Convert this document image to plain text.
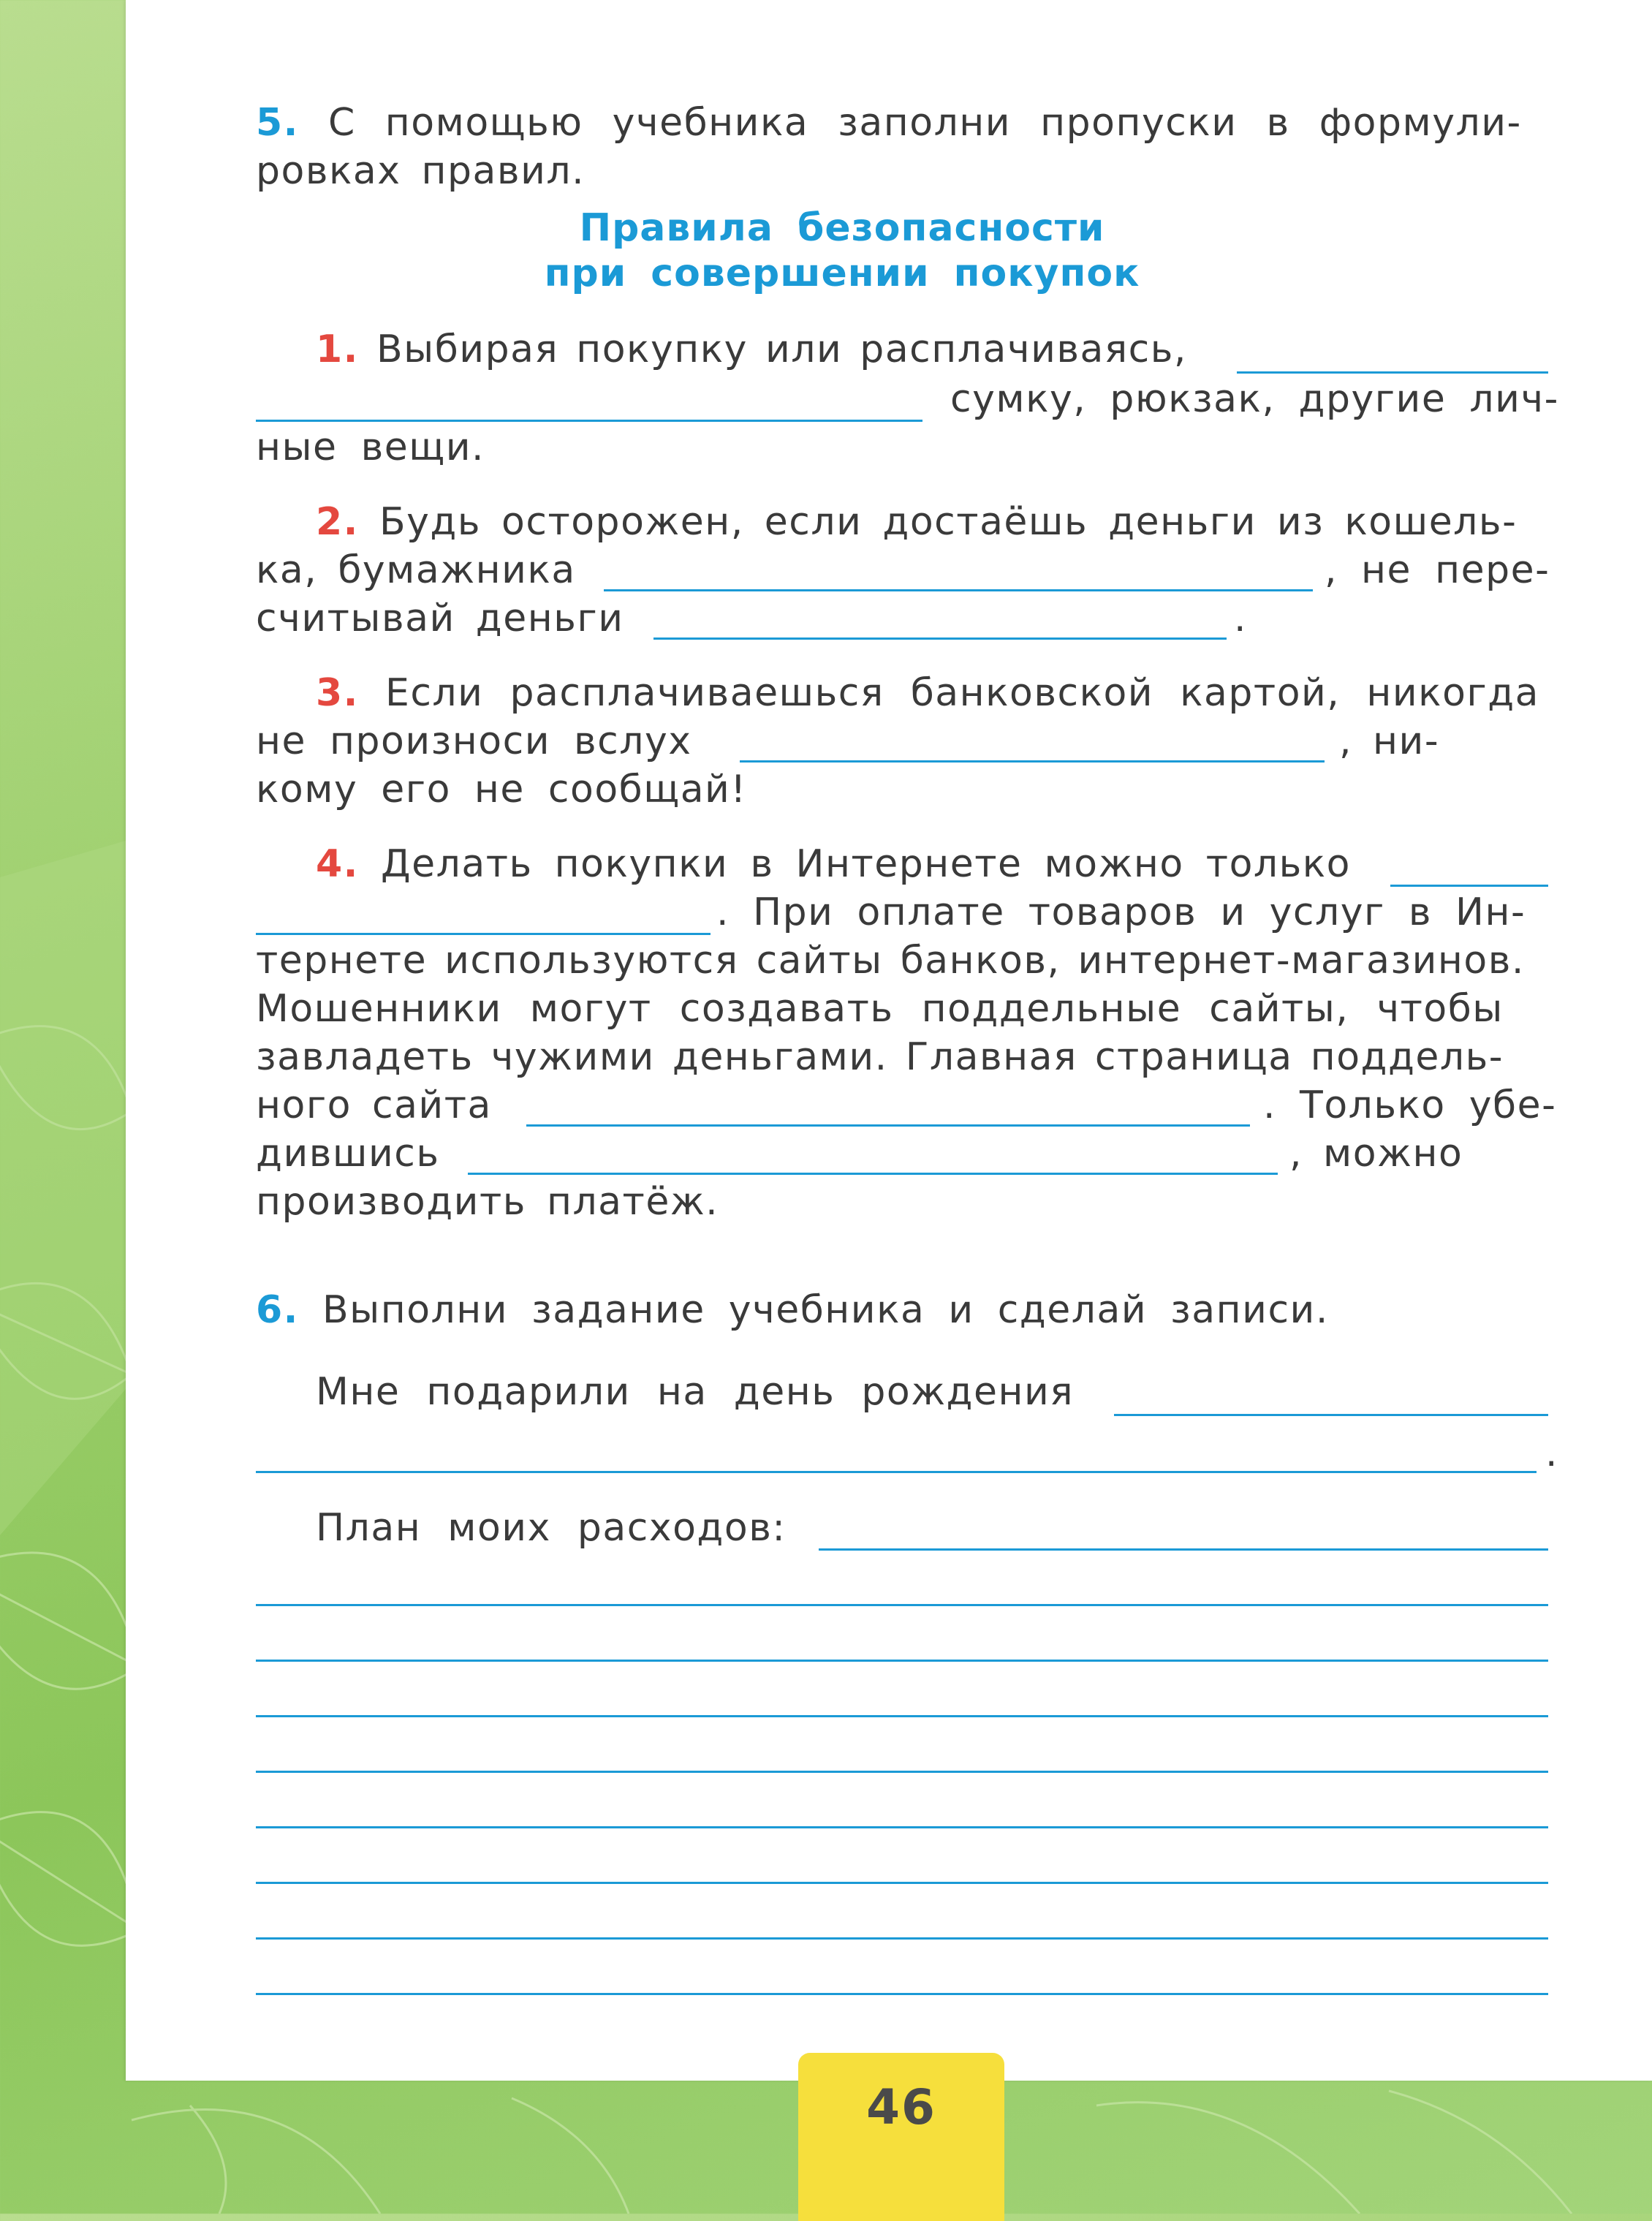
5. С помощью учебника заполни пропуски в формули-
ровках правил.
Правила безопасности
при совершении покупок
1. Выбирая покупку или расплачиваясь,
сумку, рюкзак, другие лич-
ные вещи.
2. Будь осторожен, если достаёшь деньги из кошель-
ка, бумажника	, не пере-
считывай деньги	.
3. Если расплачиваешься банковской картой, никогда
не произноси вслух	, ни-
кому его не сообщай!
4. Делать покупки в Интернете можно только
. При оплате товаров и услуг в Ин-
тернете используются сайты банков, интернет-магазинов.
Мошенники могут создавать поддельные сайты, чтобы
завладеть чужими деньгами. Главная страница поддель-
ного сайта	. Только убе-
дившись	, можно
производить платёж.
6. Выполни задание учебника и сделай записи.
Мне подарили на день рождения
.
План моих расходов:
46
